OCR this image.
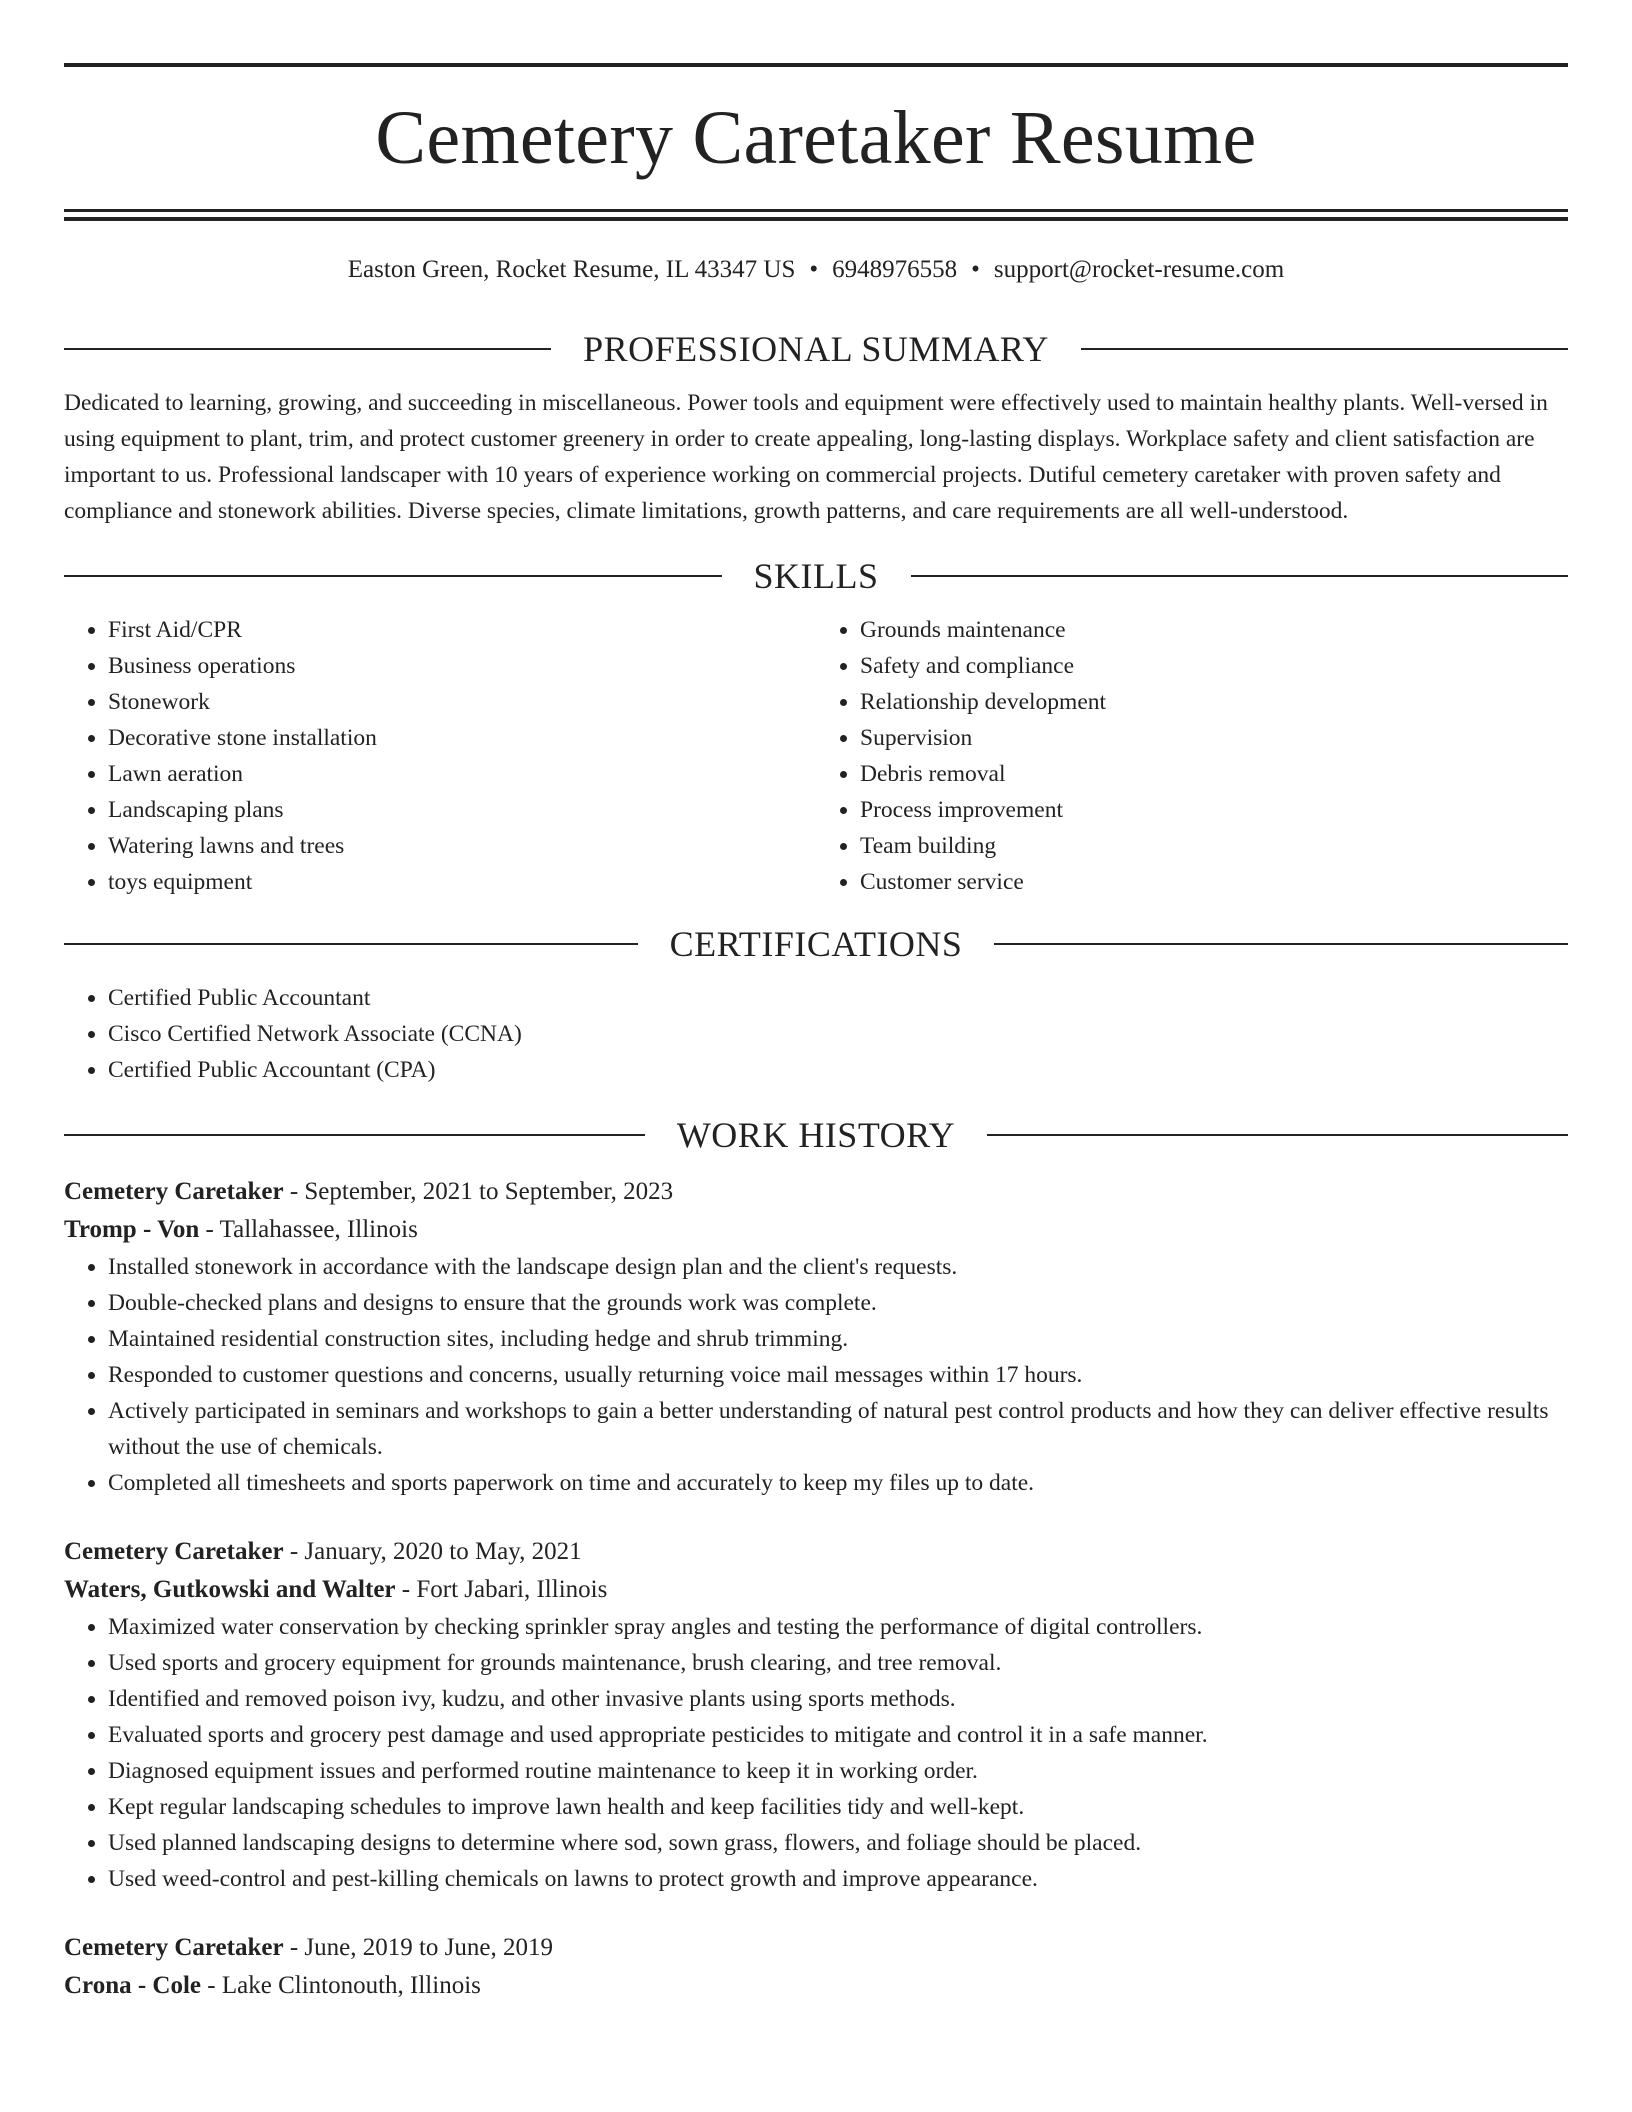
Cemetery Caretaker Resume
Easton Green, Rocket Resume, IL 43347 US • 6948976558 • support@rocket-resume.com
PROFESSIONAL SUMMARY

Dedicated to learning, growing, and succeeding in miscellaneous. Power tools and equipment were effectively used to maintain healthy plants. Well-versed in using equipment to plant, trim, and protect customer greenery in order to create appealing, long-lasting displays. Workplace safety and client satisfaction are important to us. Professional landscaper with 10 years of experience working on commercial projects. Dutiful cemetery caretaker with proven safety and compliance and stonework abilities. Diverse species, climate limitations, growth patterns, and care requirements are all well-understood.

SKILLS
• First Aid/CPR
• Business operations
• Stonework
• Decorative stone installation
• Lawn aeration
• Landscaping plans
• Watering lawns and trees
• toys equipment
• Grounds maintenance
• Safety and compliance
• Relationship development
• Supervision
• Debris removal
• Process improvement
• Team building
• Customer service
CERTIFICATIONS
• Certified Public Accountant
• Cisco Certified Network Associate (CCNA)
• Certified Public Accountant (CPA)
WORK HISTORY
Cemetery Caretaker - September, 2021 to September, 2023
Tromp - Von - Tallahassee, Illinois
• Installed stonework in accordance with the landscape design plan and the client's requests.
• Double-checked plans and designs to ensure that the grounds work was complete.
• Maintained residential construction sites, including hedge and shrub trimming.
• Responded to customer questions and concerns, usually returning voice mail messages within 17 hours.
• Actively participated in seminars and workshops to gain a better understanding of natural pest control products and how they can deliver effective results without the use of chemicals.
• Completed all timesheets and sports paperwork on time and accurately to keep my files up to date.
Cemetery Caretaker - January, 2020 to May, 2021
Waters, Gutkowski and Walter - Fort Jabari, Illinois
• Maximized water conservation by checking sprinkler spray angles and testing the performance of digital controllers.
• Used sports and grocery equipment for grounds maintenance, brush clearing, and tree removal.
• Identified and removed poison ivy, kudzu, and other invasive plants using sports methods.
• Evaluated sports and grocery pest damage and used appropriate pesticides to mitigate and control it in a safe manner.
• Diagnosed equipment issues and performed routine maintenance to keep it in working order.
• Kept regular landscaping schedules to improve lawn health and keep facilities tidy and well-kept.
• Used planned landscaping designs to determine where sod, sown grass, flowers, and foliage should be placed.
• Used weed-control and pest-killing chemicals on lawns to protect growth and improve appearance.
Cemetery Caretaker - June, 2019 to June, 2019
Crona - Cole - Lake Clintonouth, Illinois
